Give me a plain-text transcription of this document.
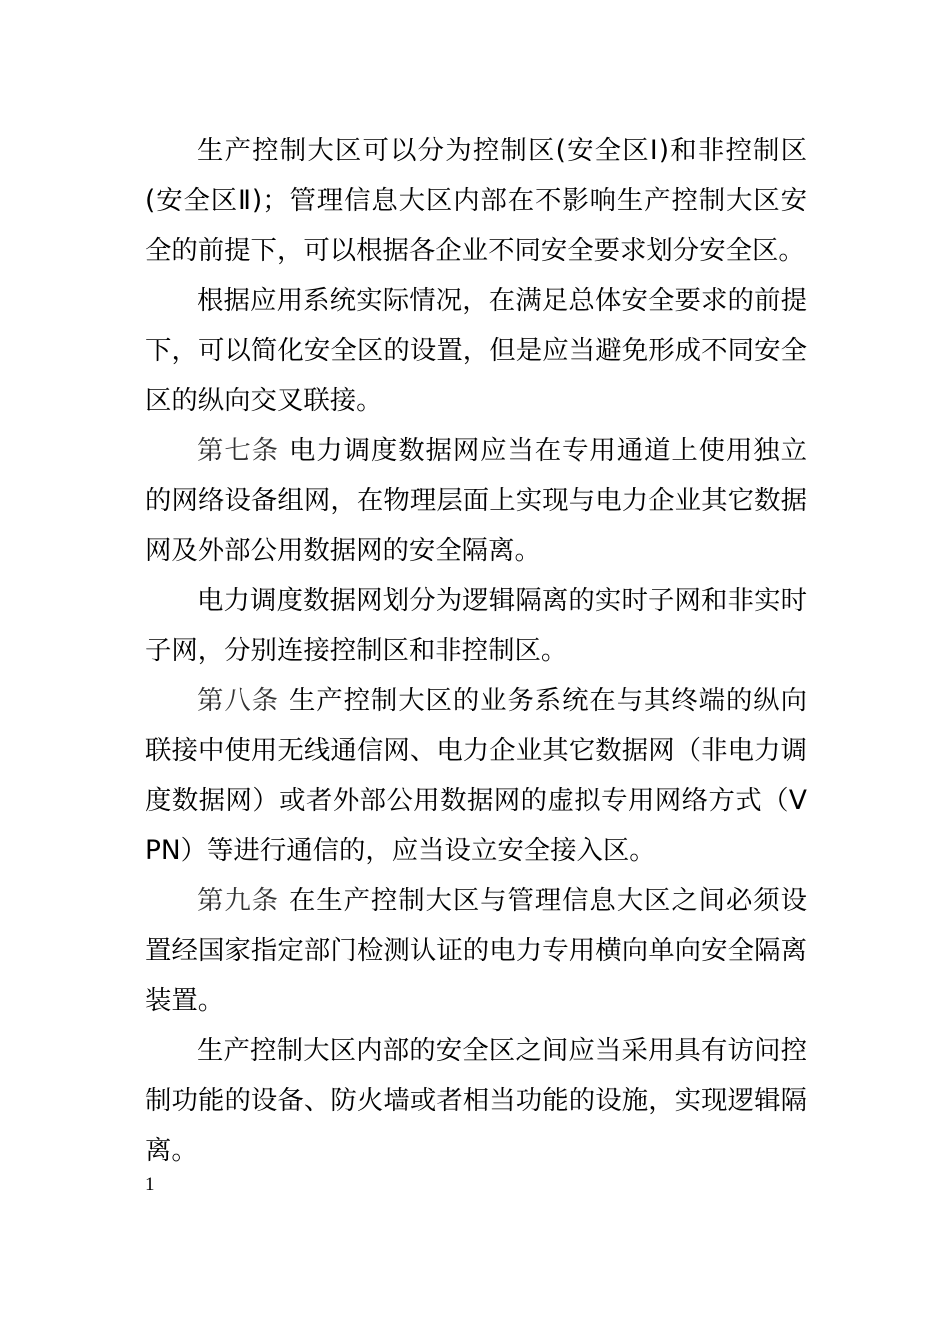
生产控制大区可以分为控制区(安全区Ⅰ)和非控制区(安全区Ⅱ)；管理信息大区内部在不影响生产控制大区安全的前提下，可以根据各企业不同安全要求划分安全区。

根据应用系统实际情况，在满足总体安全要求的前提下，可以简化安全区的设置，但是应当避免形成不同安全区的纵向交叉联接。

第七条 电力调度数据网应当在专用通道上使用独立的网络设备组网，在物理层面上实现与电力企业其它数据网及外部公用数据网的安全隔离。

电力调度数据网划分为逻辑隔离的实时子网和非实时子网，分别连接控制区和非控制区。

第八条 生产控制大区的业务系统在与其终端的纵向联接中使用无线通信网、电力企业其它数据网（非电力调度数据网）或者外部公用数据网的虚拟专用网络方式（VPN）等进行通信的，应当设立安全接入区。

第九条 在生产控制大区与管理信息大区之间必须设置经国家指定部门检测认证的电力专用横向单向安全隔离装置。

生产控制大区内部的安全区之间应当采用具有访问控制功能的设备、防火墙或者相当功能的设施，实现逻辑隔离。

1
